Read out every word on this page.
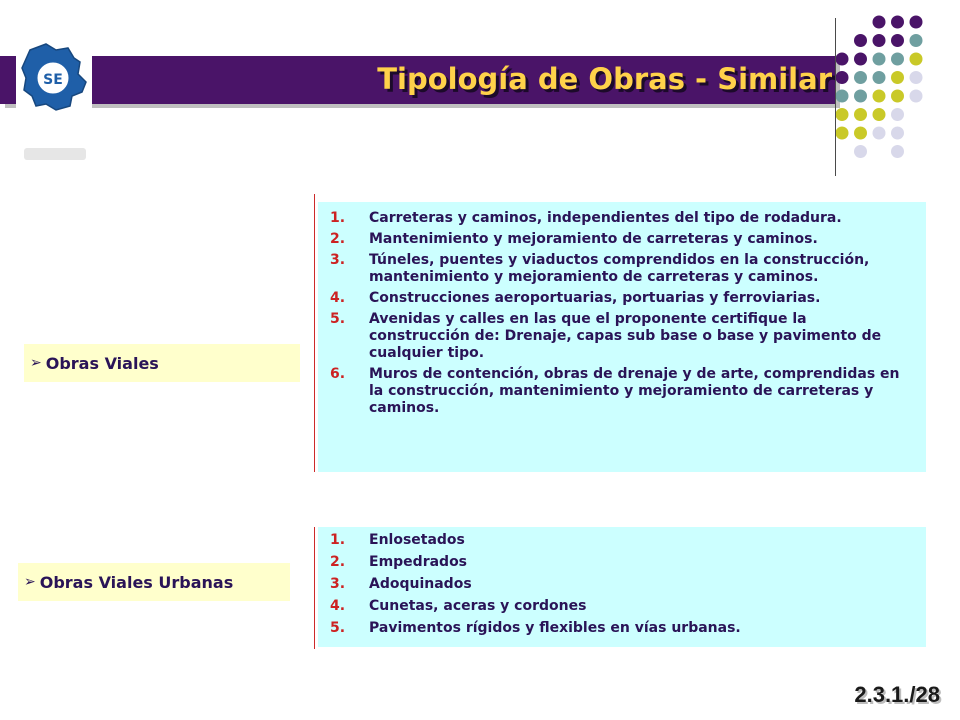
SE	Tipología de Obras - Similar
➢ Obras Viales
1.	Carreteras y caminos, independientes del tipo de rodadura.
2.	Mantenimiento y mejoramiento de carreteras y caminos.
3.	Túneles, puentes y viaductos comprendidos en la construcción, mantenimiento y mejoramiento de carreteras y caminos.
4.	Construcciones aeroportuarias, portuarias y ferroviarias.
5.	Avenidas y calles en las que el proponente certifique la construcción de: Drenaje, capas sub base o base y pavimento de cualquier tipo.
6.	Muros de contención, obras de drenaje y de arte, comprendidas en la construcción, mantenimiento y mejoramiento de carreteras y caminos.
➢ Obras Viales Urbanas
1.	Enlosetados
2.	Empedrados
3.	Adoquinados
4.	Cunetas, aceras y cordones
5.	Pavimentos rígidos y flexibles en vías urbanas.
2.3.1./28
